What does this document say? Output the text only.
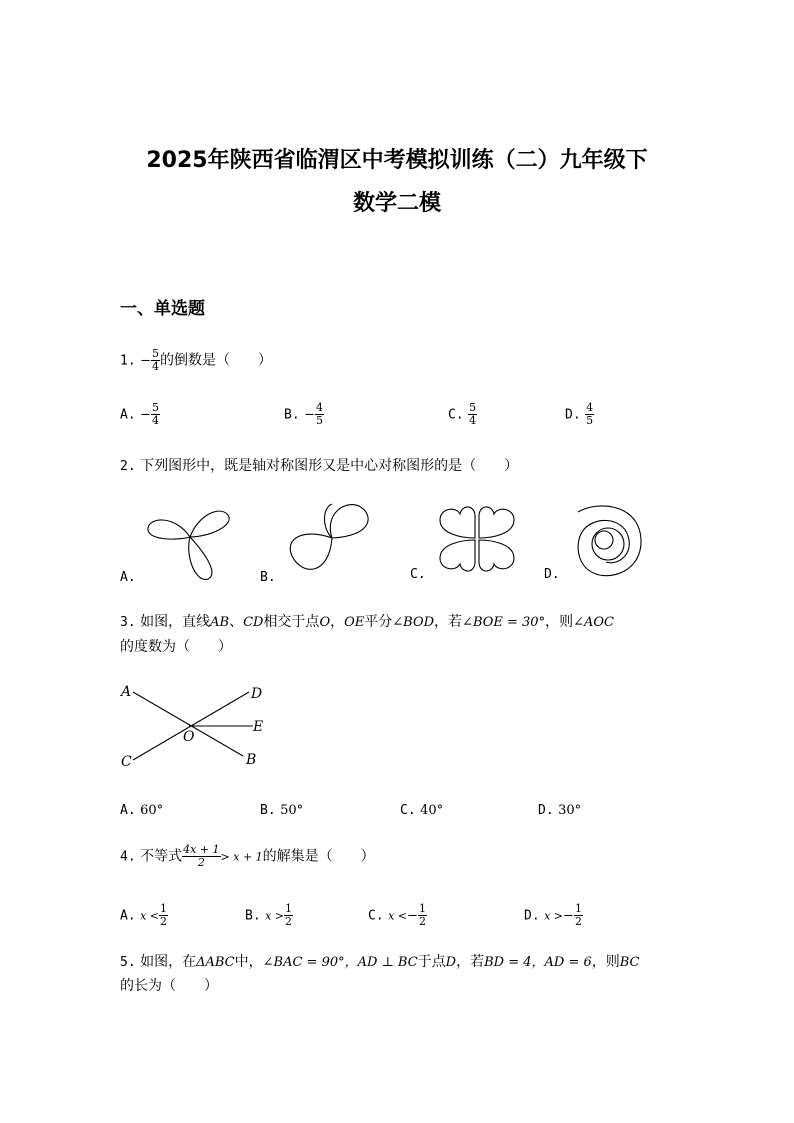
2025年陕西省临渭区中考模拟训练（二）九年级下
数学二模
一、单选题
1. − $\frac{5}{4}$ 的倒数是（　　）
A. − $\frac{5}{4}$	B. − $\frac{4}{5}$	C. $\frac{5}{4}$	D. $\frac{4}{5}$
2. 下列图形中，既是轴对称图形又是中心对称图形的是（　　）
A.	B.	C.	D.
3. 如图，直线AB、CD相交于点O，OE平分∠BOD，若∠BOE = 30°，则∠AOC
的度数为（　　）
A	D
E
O
C	B
A. 60°	B. 50°	C. 40°	D. 30°
4. 不等式 $\frac{4x + 1}{2} > x + 1$的解集是（　　）
A. $x < \frac{1}{2}$	B. $x > \frac{1}{2}$	C. $x <- \frac{1}{2}$	D. $x >- \frac{1}{2}$
5. 如图，在ΔABC中，∠BAC = 90°，AD ⊥ BC于点D，若BD = 4，AD = 6，则BC
的长为（　　）
